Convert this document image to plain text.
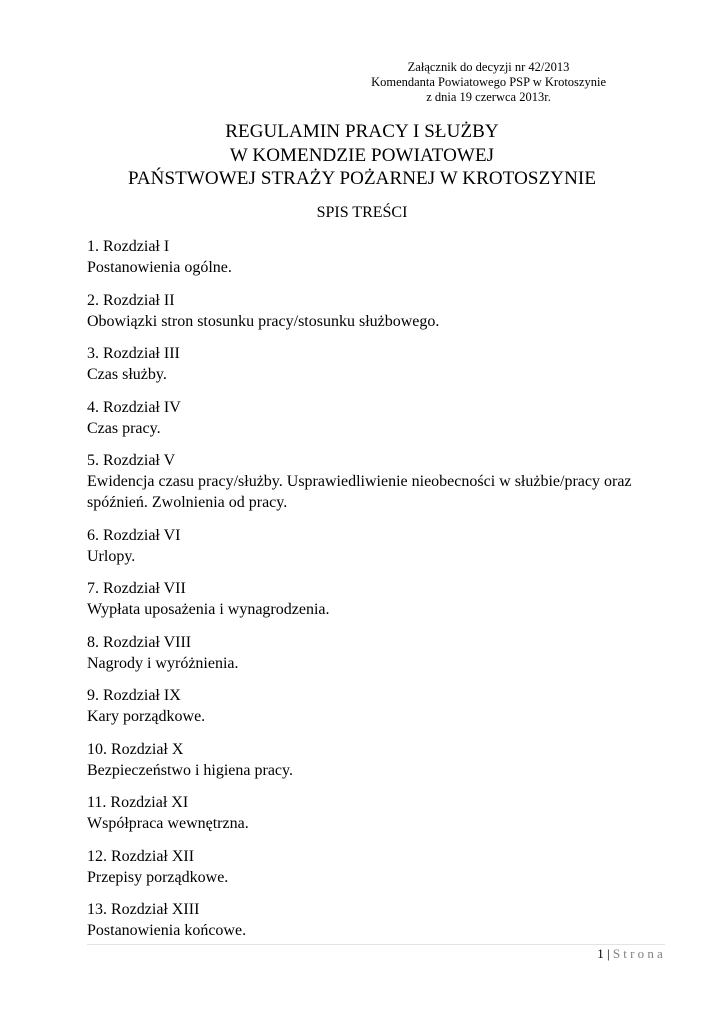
Załącznik do decyzji nr 42/2013
Komendanta Powiatowego PSP w Krotoszynie
z dnia 19 czerwca 2013r.
REGULAMIN PRACY I SŁUŻBY
W KOMENDZIE POWIATOWEJ
PAŃSTWOWEJ STRAŻY POŻARNEJ W KROTOSZYNIE
SPIS TREŚCI
1. Rozdział I
Postanowienia ogólne.
2. Rozdział II
Obowiązki stron stosunku pracy/stosunku służbowego.
3. Rozdział III
Czas służby.
4. Rozdział IV
Czas pracy.
5. Rozdział V
Ewidencja czasu pracy/służby. Usprawiedliwienie nieobecności w służbie/pracy oraz spóźnień. Zwolnienia od pracy.
6. Rozdział VI
Urlopy.
7. Rozdział VII
Wypłata uposażenia i wynagrodzenia.
8. Rozdział VIII
Nagrody i wyróżnienia.
9. Rozdział IX
Kary porządkowe.
10. Rozdział X
Bezpieczeństwo i higiena pracy.
11. Rozdział XI
Współpraca wewnętrzna.
12. Rozdział XII
Przepisy porządkowe.
13. Rozdział XIII
Postanowienia końcowe.
1 | Strona
